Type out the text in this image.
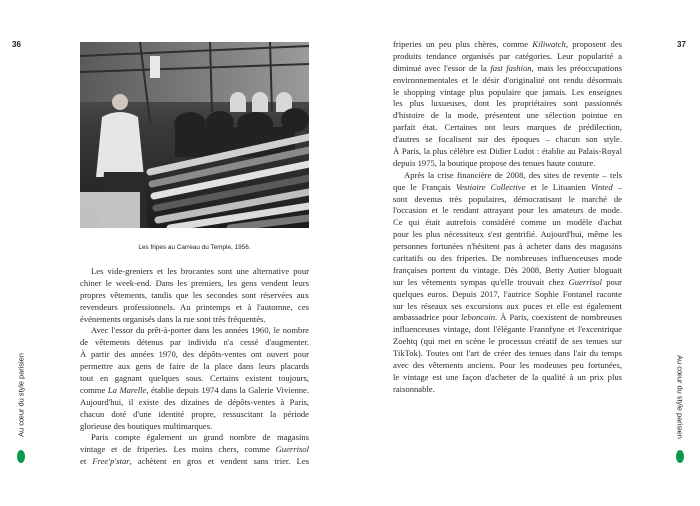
36
Les fripes au Carreau du Temple, 1956.
Les vide-greniers et les brocantes sont une alternative pour
chiner le week-end. Dans les premiers, les gens vendent leurs
propres vêtements, tandis que les secondes sont réservées aux
revendeurs professionnels. Au printemps et à l'automne, ces
événements organisés dans la rue sont très fréquentés.
Avec l'essor du prêt-à-porter dans les années 1960, le nombre
de vêtements détenus par individu n'a cessé d'augmenter.
À partir des années 1970, des dépôts-ventes ont ouvert pour
permettre aux gens de faire de la place dans leurs placards
tout en gagnant quelques sous. Certains existent toujours,
comme La Marelle, établie depuis 1974 dans la Galerie Vivienne.
Aujourd'hui, il existe des dizaines de dépôts-ventes à Paris,
chacun doté d'une identité propre, ressuscitant la période
glorieuse des boutiques multimarques.
Paris compte également un grand nombre de magasins
vintage et de friperies. Les moins chers, comme Guerrisol
et Free'p'star, achètent en gros et vendent sans trier. Les
Au cœur du style parisien
37
friperies un peu plus chères, comme Kiliwatch, proposent des
produits tendance organisés par catégories. Leur popularité a
diminué avec l'essor de la fast fashion, mais les préoccupations
environnementales et le désir d'originalité ont rendu désormais
le shopping vintage plus populaire que jamais. Les enseignes
les plus luxueuses, dont les propriétaires sont passionnés
d'histoire de la mode, présentent une sélection pointue en
parfait état. Certaines ont leurs marques de prédilection,
d'autres se focalisent sur des époques – chacun son style.
À Paris, la plus célèbre est Didier Ludot : établie au Palais-Royal
depuis 1975, la boutique propose des tenues haute couture.
Après la crise financière de 2008, des sites de revente – tels
que le Français Vestiaire Collective et le Lituanien Vinted –
sont devenus très populaires, démocratisant le marché de
l'occasion et le rendant attrayant pour les amateurs de mode.
Ce qui était autrefois considéré comme un modèle d'achat
pour les plus nécessiteux s'est gentrifié. Aujourd'hui, même les
personnes fortunées n'hésitent pas à acheter dans des magasins
caritatifs ou des friperies. De nombreuses influenceuses mode
françaises portent du vintage. Dès 2008, Betty Autier bloguait
sur les vêtements sympas qu'elle trouvait chez Guerrisol pour
quelques euros. Depuis 2017, l'autrice Sophie Fontanel raconte
sur les réseaux ses excursions aux puces et elle est également
ambassadrice pour leboncoin. À Paris, coexistent de nombreuses
influenceuses vintage, dont l'élégante Frannfyne et l'excentrique
Zoehtq (qui met en scène le processus créatif de ses tenues sur
TikTok). Toutes ont l'art de créer des tenues dans l'air du temps
avec des vêtements anciens. Pour les modeuses peu fortunées,
le vintage est une façon d'acheter de la qualité à un prix plus
raisonnable.	Au cœur du style parisien
